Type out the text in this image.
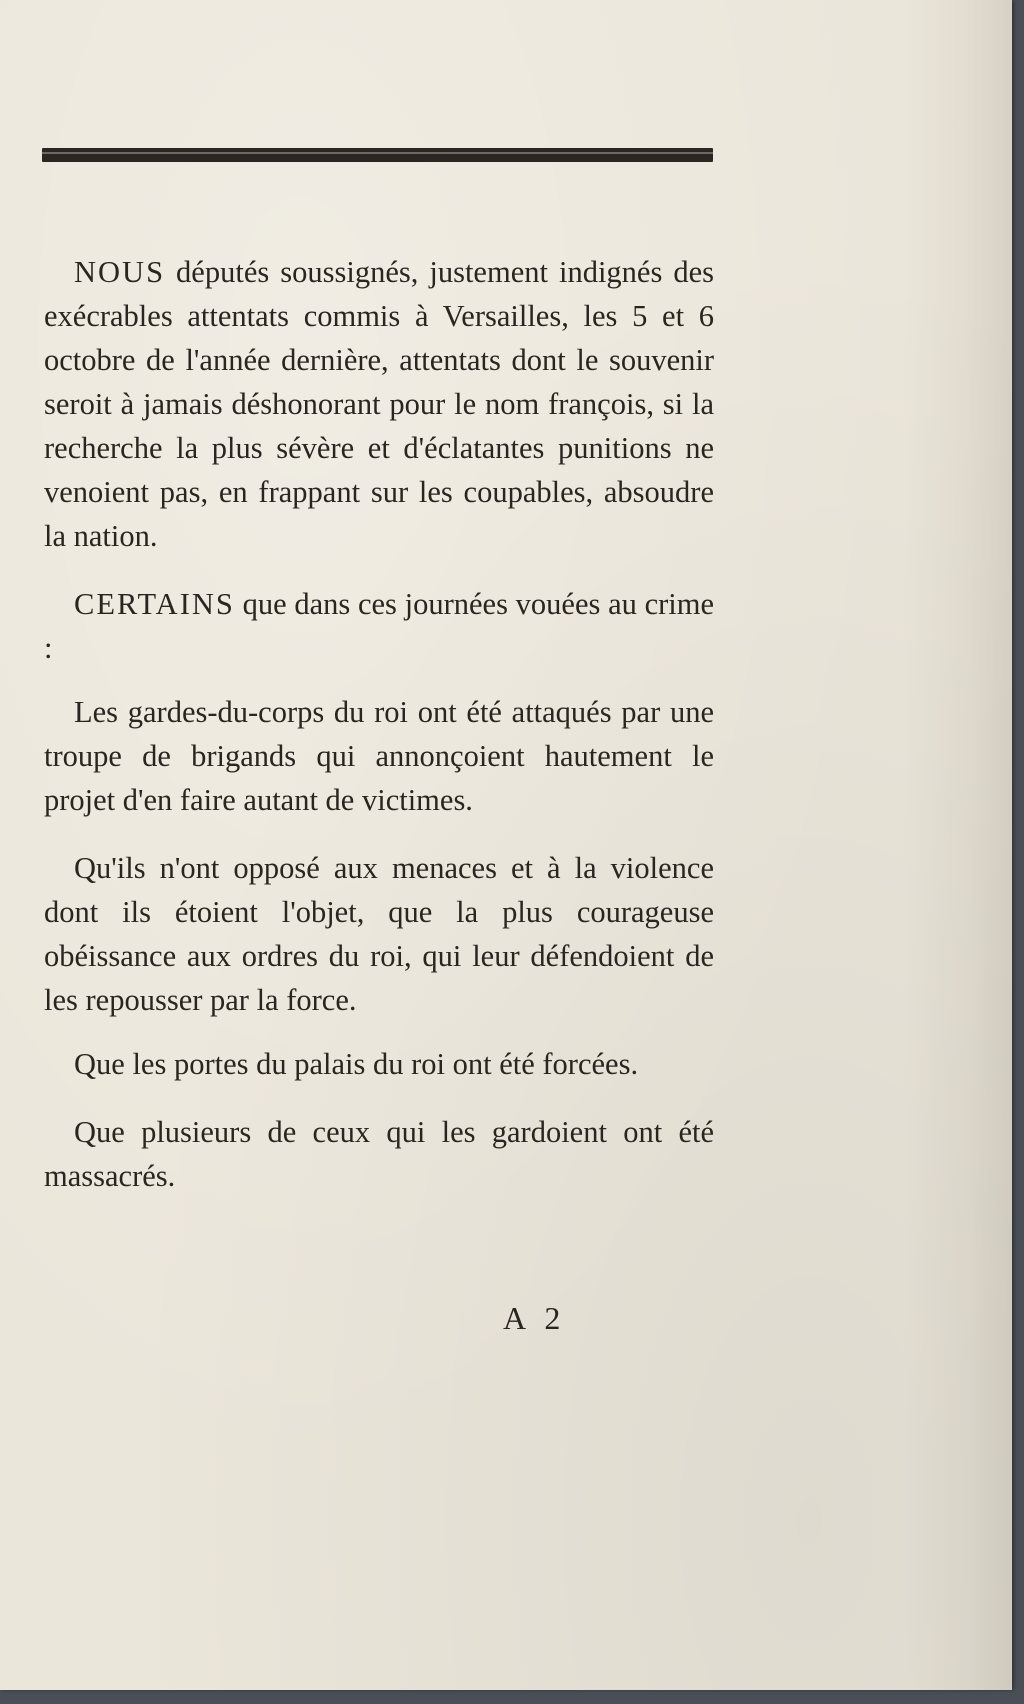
NOUS députés soussignés, justement indignés des exécrables attentats commis à Versailles, les 5 et 6 octobre de l'année dernière, attentats dont le souvenir seroit à jamais déshonorant pour le nom françois, si la recherche la plus sévère et d'éclatantes punitions ne venoient pas, en frappant sur les coupables, absoudre la nation.

CERTAINS que dans ces journées vouées au crime :

Les gardes-du-corps du roi ont été attaqués par une troupe de brigands qui annonçoient hautement le projet d'en faire autant de victimes.

Qu'ils n'ont opposé aux menaces et à la violence dont ils étoient l'objet, que la plus courageuse obéissance aux ordres du roi, qui leur défendoient de les repousser par la force.

Que les portes du palais du roi ont été forcées.

Que plusieurs de ceux qui les gardoient ont été massacrés.

A 2
